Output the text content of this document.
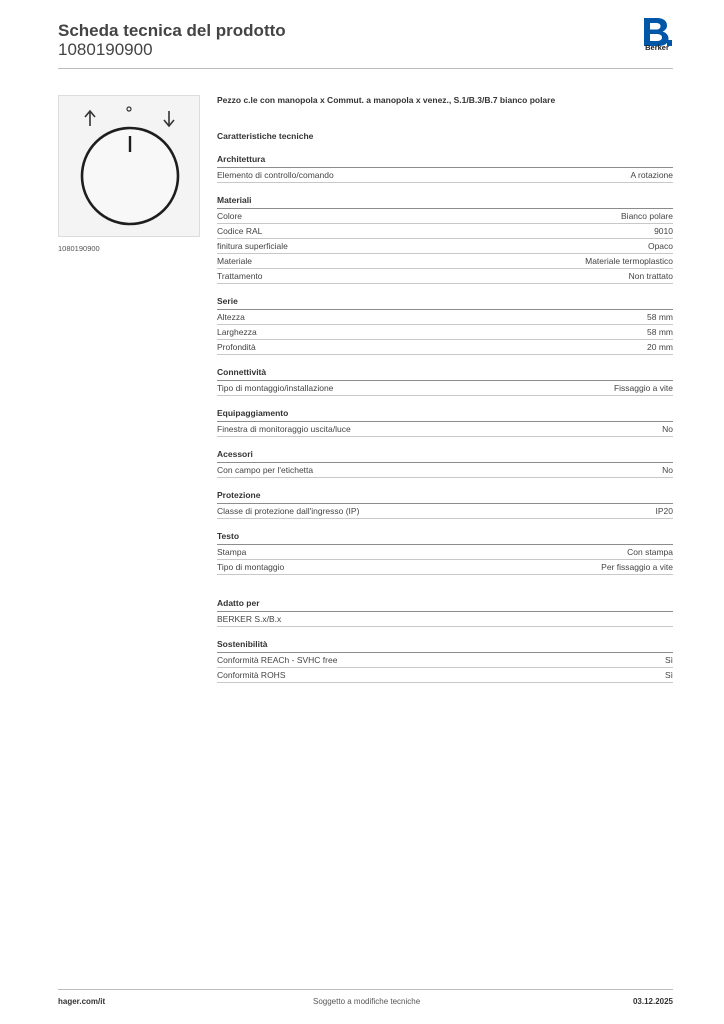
Scheda tecnica del prodotto
1080190900	Berker
1080190900
Pezzo c.le con manopola x Commut. a manopola x venez., S.1/B.3/B.7 bianco polare
Caratteristiche tecniche
Architettura
Elemento di controllo/comando	A rotazione
Materiali
Colore	Bianco polare
Codice RAL	9010
finitura superficiale	Opaco
Materiale	Materiale termoplastico
Trattamento	Non trattato
Serie
Altezza	58 mm
Larghezza	58 mm
Profondità	20 mm
Connettività
Tipo di montaggio/installazione	Fissaggio a vite
Equipaggiamento
Finestra di monitoraggio uscita/luce	No
Acessori
Con campo per l'etichetta	No
Protezione
Classe di protezione dall'ingresso (IP)	IP20
Testo
Stampa	Con stampa
Tipo di montaggio	Per fissaggio a vite
Adatto per
BERKER S.x/B.x
Sostenibilità
Conformità REACh - SVHC free	Sì
Conformità ROHS	Sì
hager.com/it	Soggetto a modifiche tecniche	03.12.2025
